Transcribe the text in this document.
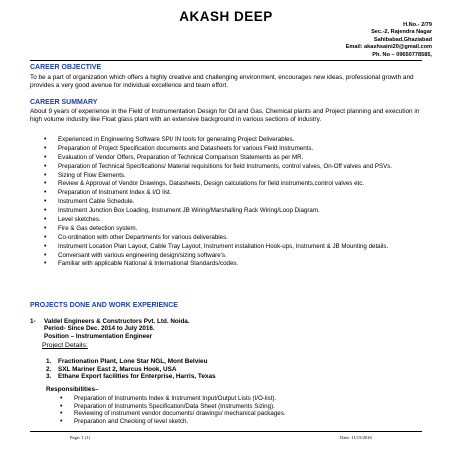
AKASH DEEP
H.No.- 2/79
Sec.-2, Rajendra Nagar
Sahibabad,Ghaziabad
Email: akashsaini20@gmail.com
Ph. No – 09650778585,
CAREER OBJECTIVE
To be a part of organization which offers a highly creative and challenging environment, encourages new ideas, professional growth and provides a very good avenue for individual excellence and team effort.
CAREER SUMMARY
About 9 years of experience in the Field of Instrumentation Design for Oil and Gas, Chemical plants and Project planning and execution in high volume industry like Float glass plant with an extensive background in various sections of industry.
• Experienced in Engineering Software SPI/ IN tools for generating Project Deliverables.
• Preparation of Project Specification documents and Datasheets for various Field Instruments.
• Evaluation of Vendor Offers, Preparation of Technical Comparison Statements as per MR.
• Preparation of Technical Specifications/ Material requisitions for field Instruments, control valves, On-Off valves and PSVs.
• Sizing of Flow Elements.
• Review & Approval of Vendor Drawings, Datasheets, Design calculations for field instruments,control valves etc.
• Preparation of Instrument Index & I/O list.
• Instrument Cable Schedule.
• Instrument Junction Box Loading, Instrument JB Wiring/Marshalling Rack Wiring/Loop Diagram.
• Level sketches.
• Fire & Gas detection system.
• Co-ordination with other Departments for various deliverables.
• Instrument Location Plan Layout, Cable Tray Layout, Instrument installation Hook-ups, Instrument & JB Mounting details.
• Conversant with various engineering design/sizing software's.
• Familiar with applicable National & International Standards/codes.
PROJECTS DONE AND WORK EXPERIENCE
1- Valdel Engineers & Constructors Pvt. Ltd. Noida.
Period- Since Dec. 2014 to July 2016.
Position – Instrumentation Engineer
Project Details:
1. Fractionation Plant, Lone Star NGL, Mont Belvieu
2. SXL Mariner East 2, Marcus Hook, USA
3. Ethane Export facilities for Enterprise, Harris, Texas
Responsibilities–
• Preparation of Instruments Index & Instrument Input/Output Lists (I/O-list).
• Preparation of Instruments Specification/Data Sheet (Instruments Sizing).
• Reviewing of instrument vendor documents/ drawings/ mechanical packages.
• Preparation and Checking of level sketch.
Page: 1 (1)	Date: 11/15/2016
